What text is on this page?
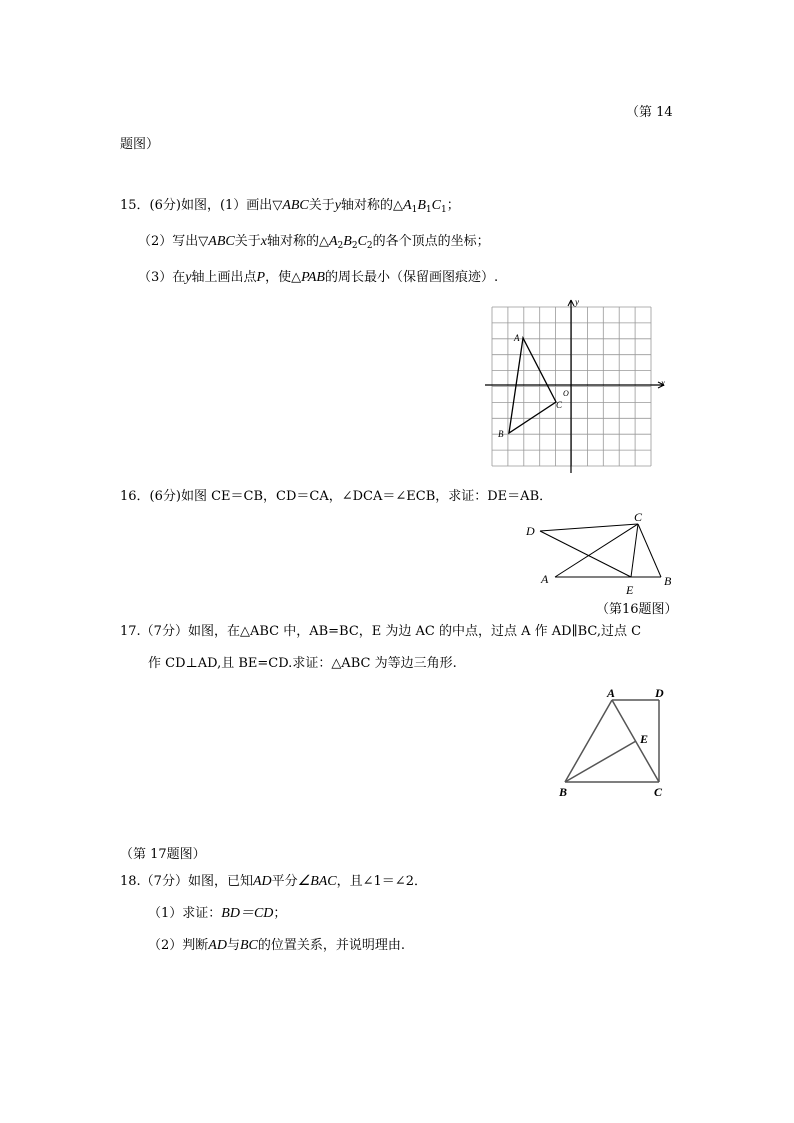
（第 14
题图）
15．(6分)如图，(1）画出▽ABC关于y轴对称的$\triangle A_1B_1C_1$；
（2）写出▽ABC关于x轴对称的$\triangle A_2B_2C_2$的各个顶点的坐标；
（3）在y轴上画出点P，使△PAB的周长最小（保留画图痕迹）.
A
B
C
O
x
y
16．(6分)如图 CE＝CB，CD＝CA，∠DCA＝∠ECB，求证：DE＝AB．
D
C
A
E
B
（第16题图）
17.（7分）如图，在△ABC 中，AB=BC，E 为边 AC 的中点，过点 A 作 AD∥BC,过点 C
作 CD⊥AD,且 BE=CD.求证：△ABC 为等边三角形.
A	D
E
B	C
（第 17题图）
18.（7分）如图，已知AD平分∠BAC，且∠1＝∠2．
（1）求证：BD＝CD；
（2）判断AD与BC的位置关系，并说明理由.
